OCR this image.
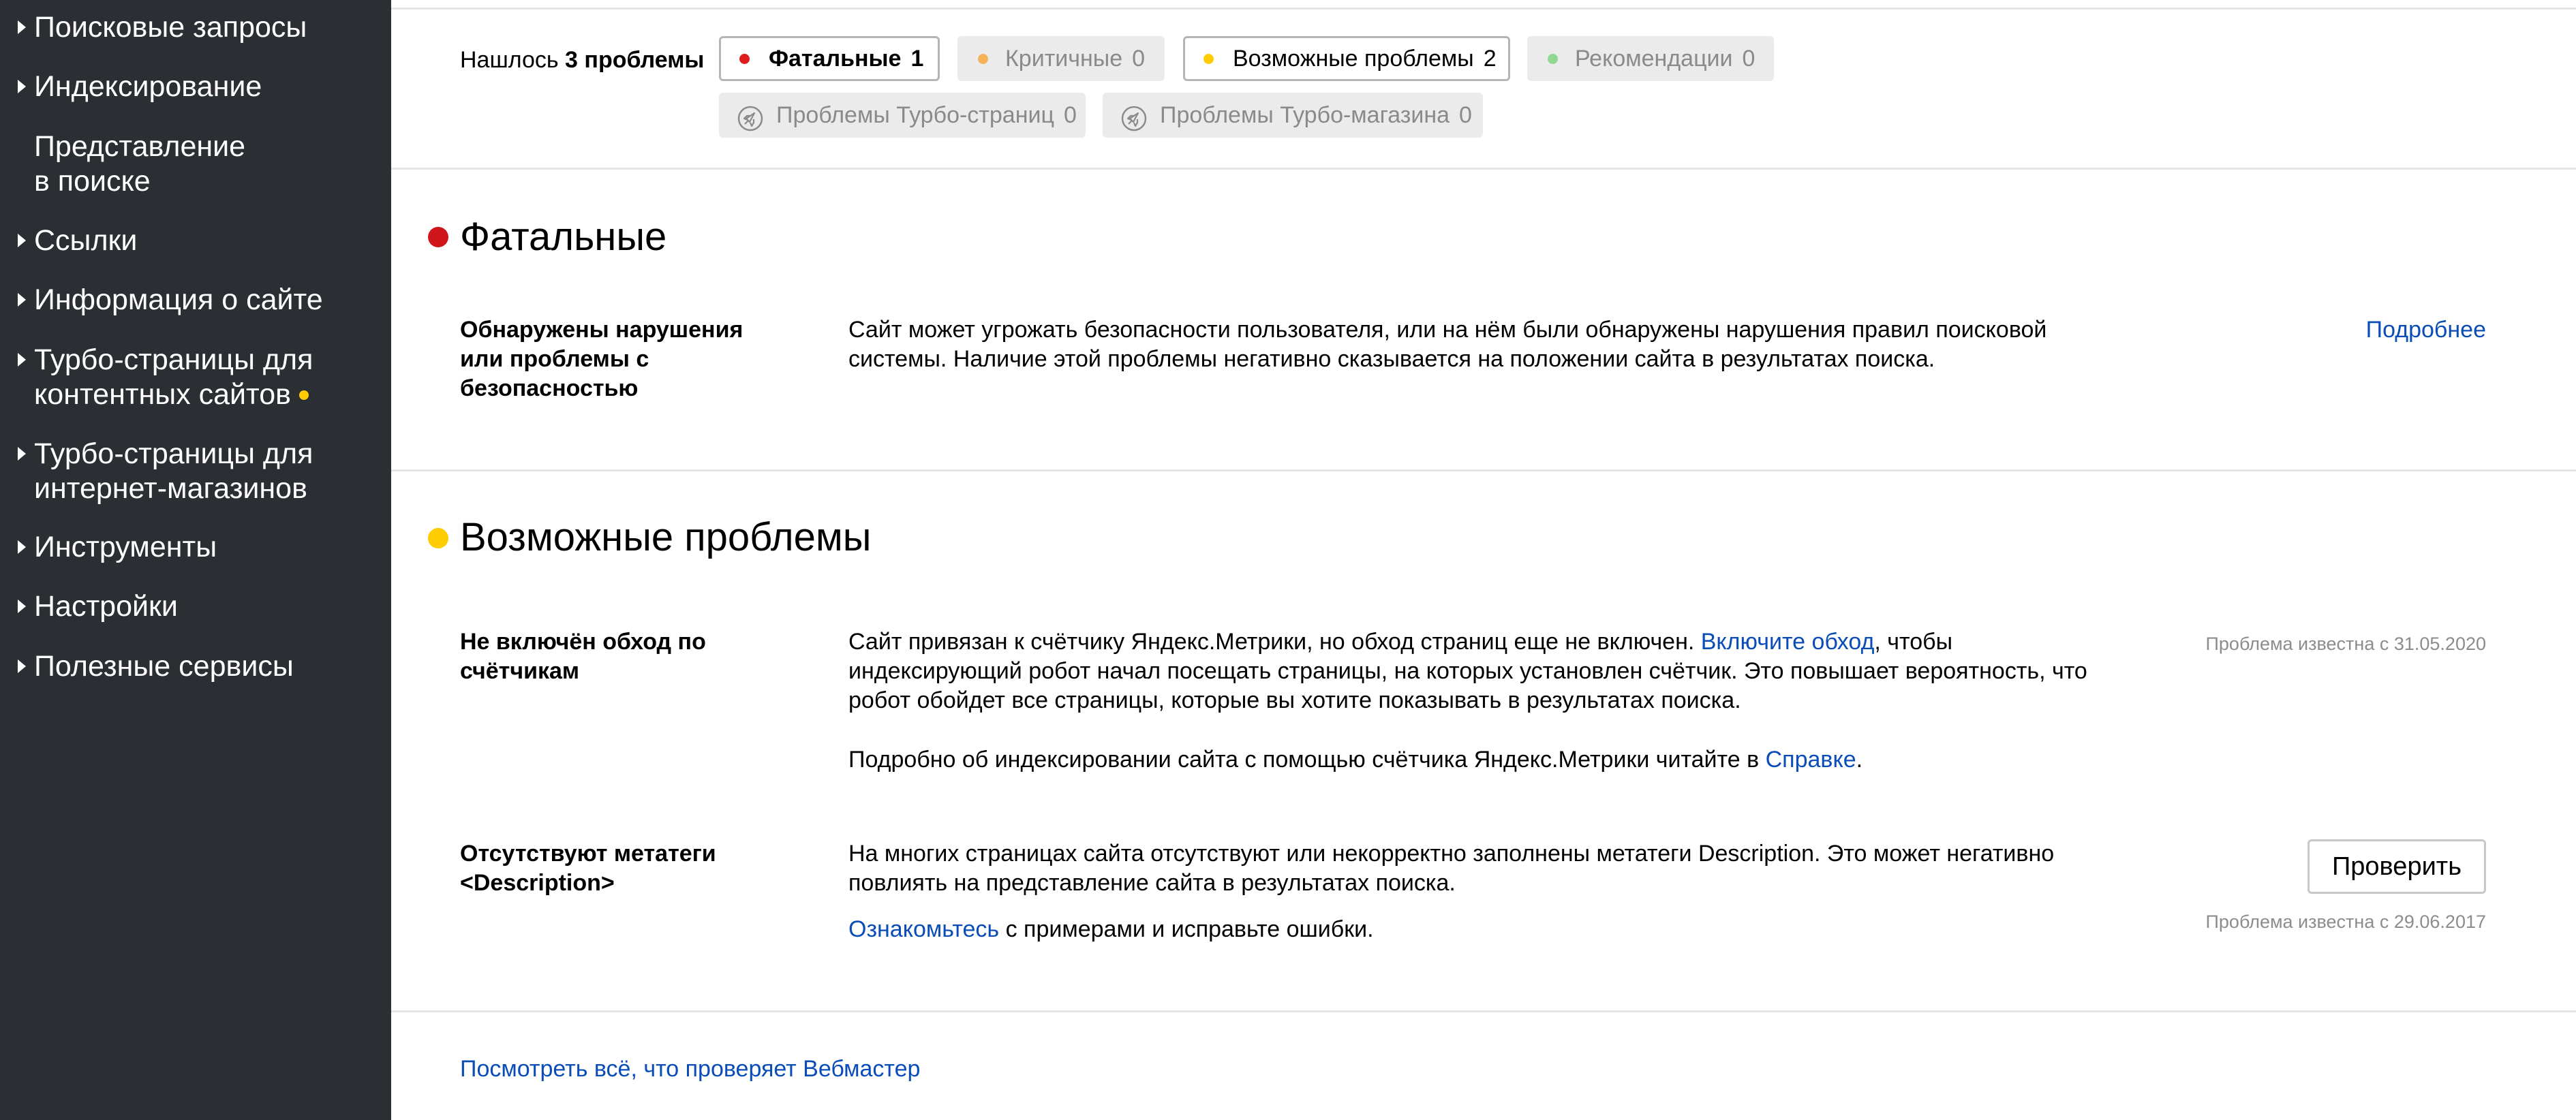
Поисковые запросы
Индексирование
Представление
в поиске
Ссылки
Информация о сайте
Турбо-страницы для
контентных сайтов
Турбо-страницы для
интернет-магазинов
Инструменты
Настройки
Полезные сервисы
Нашлось 3 проблемы	Фатальные 1	Критичные 0	Возможные проблемы 2	Рекомендации 0
Проблемы Турбо-страниц 0	Проблемы Турбо-магазина 0
Фатальные
Обнаружены нарушения или проблемы с безопасностью
Сайт может угрожать безопасности пользователя, или на нём были обнаружены нарушения правил поисковой системы. Наличие этой проблемы негативно сказывается на положении сайта в результатах поиска.
Подробнее
Возможные проблемы
Не включён обход по счётчикам
Сайт привязан к счётчику Яндекс.Метрики, но обход страниц еще не включен. Включите обход, чтобы индексирующий робот начал посещать страницы, на которых установлен счётчик. Это повышает вероятность, что робот обойдет все страницы, которые вы хотите показывать в результатах поиска.
Подробно об индексировании сайта с помощью счётчика Яндекс.Метрики читайте в Справке.
Проблема известна с 31.05.2020
Отсутствуют метатеги <Description>
На многих страницах сайта отсутствуют или некорректно заполнены метатеги Description. Это может негативно повлиять на представление сайта в результатах поиска.
Ознакомьтесь с примерами и исправьте ошибки.
Проверить
Проблема известна с 29.06.2017
Посмотреть всё, что проверяет Вебмастер
